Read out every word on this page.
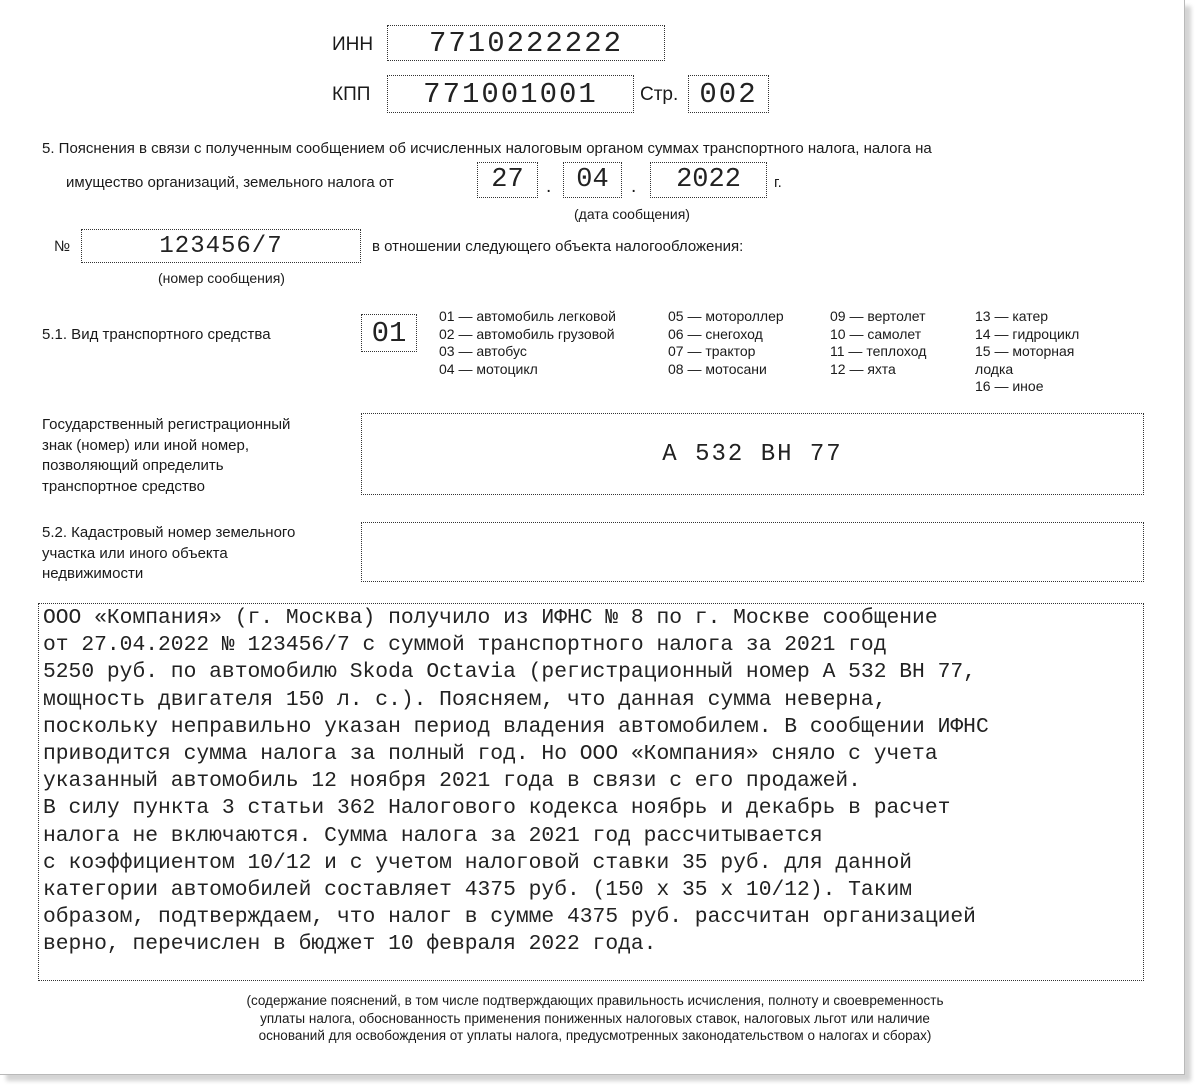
ИНН	7710222222
КПП	771001001	Стр. 002
5. Пояснения в связи с полученным сообщением об исчисленных налоговым органом суммах транспортного налога, налога на
имущество организаций, земельного налога от	27	. 04	.	2022	г.
(дата сообщения)
№	123456/7	в отношении следующего объекта налогообложения:
(номер сообщения)
5.1. Вид транспортного средства	01
01 — автомобиль легковой
02 — автомобиль грузовой
03 — автобус
04 — мотоцикл
05 — мотороллер
06 — снегоход
07 — трактор
08 — мотосани
09 — вертолет
10 — самолет
11 — теплоход
12 — яхта
13 — катер
14 — гидроцикл
15 — моторная
лодка
16 — иное
Государственный регистрационный
знак (номер) или иной номер,
позволяющий определить
транспортное средство
А 532 ВН 77
5.2. Кадастровый номер земельного
участка или иного объекта
недвижимости
ООО «Компания» (г. Москва) получило из ИФНС № 8 по г. Москве сообщение
от 27.04.2022 № 123456/7 с суммой транспортного налога за 2021 год
5250 руб. по автомобилю Skoda Octavia (регистрационный номер А 532 ВН 77,
мощность двигателя 150 л. с.). Поясняем, что данная сумма неверна,
поскольку неправильно указан период владения автомобилем. В сообщении ИФНС
приводится сумма налога за полный год. Но ООО «Компания» сняло с учета
указанный автомобиль 12 ноября 2021 года в связи с его продажей.
В силу пункта 3 статьи 362 Налогового кодекса ноябрь и декабрь в расчет
налога не включаются. Сумма налога за 2021 год рассчитывается
с коэффициентом 10/12 и с учетом налоговой ставки 35 руб. для данной
категории автомобилей составляет 4375 руб. (150 x 35 x 10/12). Таким
образом, подтверждаем, что налог в сумме 4375 руб. рассчитан организацией
верно, перечислен в бюджет 10 февраля 2022 года.
(содержание пояснений, в том числе подтверждающих правильность исчисления, полноту и своевременность
уплаты налога, обоснованность применения пониженных налоговых ставок, налоговых льгот или наличие
оснований для освобождения от уплаты налога, предусмотренных законодательством о налогах и сборах)
